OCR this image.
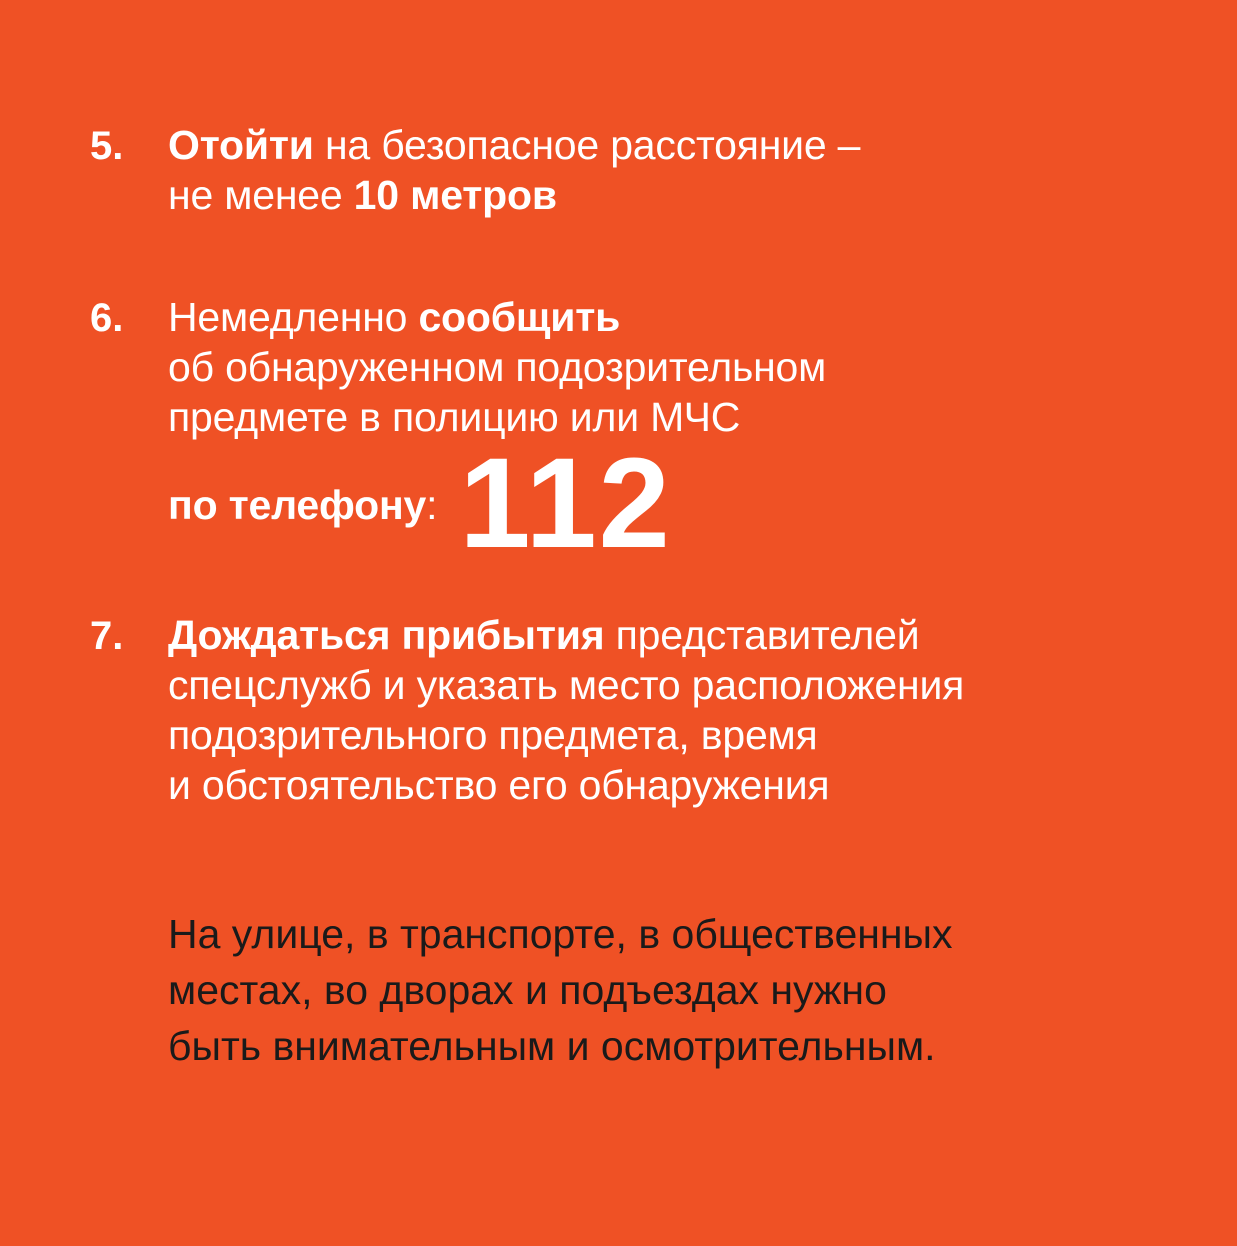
5.	Отойти на безопасное расстояние –
не менее 10 метров
6.	Немедленно сообщить
об обнаруженном подозрительном
предмете в полицию или МЧС

по телефону: 112
7.	Дождаться прибытия представителей
спецслужб и указать место расположения
подозрительного предмета, время
и обстоятельство его обнаружения
На улице, в транспорте, в общественных
местах, во дворах и подъездах нужно
быть внимательным и осмотрительным.
